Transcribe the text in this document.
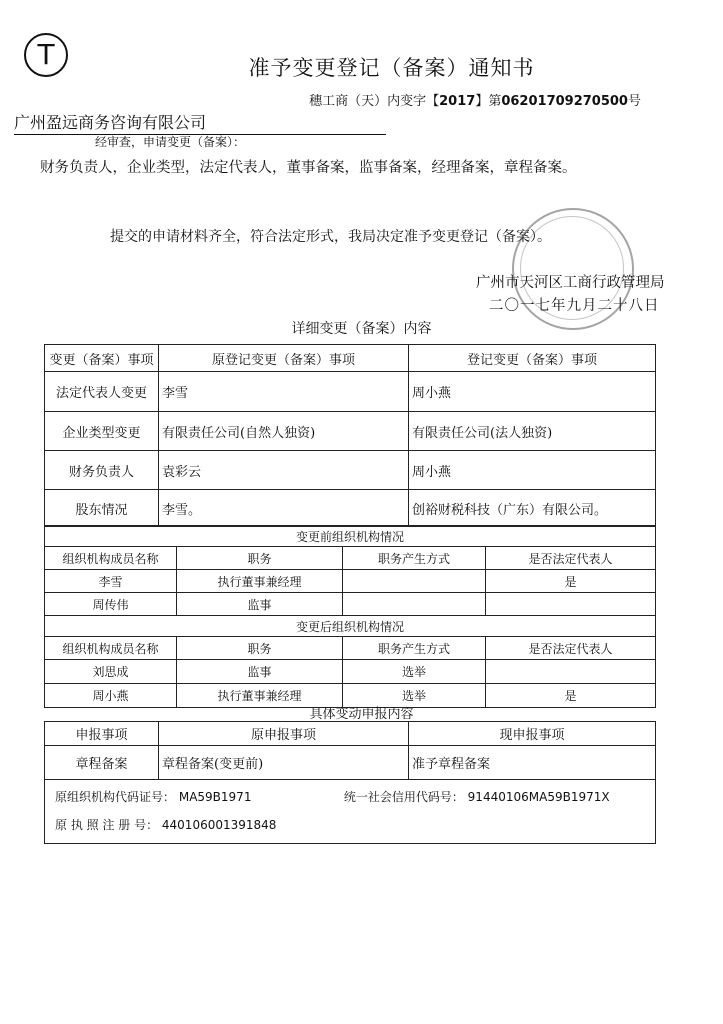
T	准予变更登记（备案）通知书
穗工商（天）内变字【2017】第06201709270500号
广州盈远商务咨询有限公司
经审查，申请变更（备案）：
财务负责人，企业类型，法定代表人，董事备案，监事备案，经理备案，章程备案。
提交的申请材料齐全，符合法定形式，我局决定准予变更登记（备案）。
广州市天河区工商行政管理局
二〇一七年九月二十八日
详细变更（备案）内容
变更（备案）事项	原登记变更（备案）事项	登记变更（备案）事项
法定代表人变更	李雪	周小燕
企业类型变更	有限责任公司(自然人独资)	有限责任公司(法人独资)
财务负责人	袁彩云	周小燕
股东情况	李雪。	创裕财税科技（广东）有限公司。
变更前组织机构情况			
组织机构成员名称	职务	职务产生方式	是否法定代表人
李雪	执行董事兼经理		是
周传伟	监事		
变更后组织机构情况			
组织机构成员名称	职务	职务产生方式	是否法定代表人
刘思成	监事	选举	
周小燕	执行董事兼经理	选举	是
具体变动申报内容
申报事项	原申报事项	现申报事项
章程备案	章程备案(变更前)	准予章程备案

原组织机构代码证号： MA59B1971 统一社会信用代码号： 91440106MA59B1971X
原 执 照 注 册 号： 440106001391848		
